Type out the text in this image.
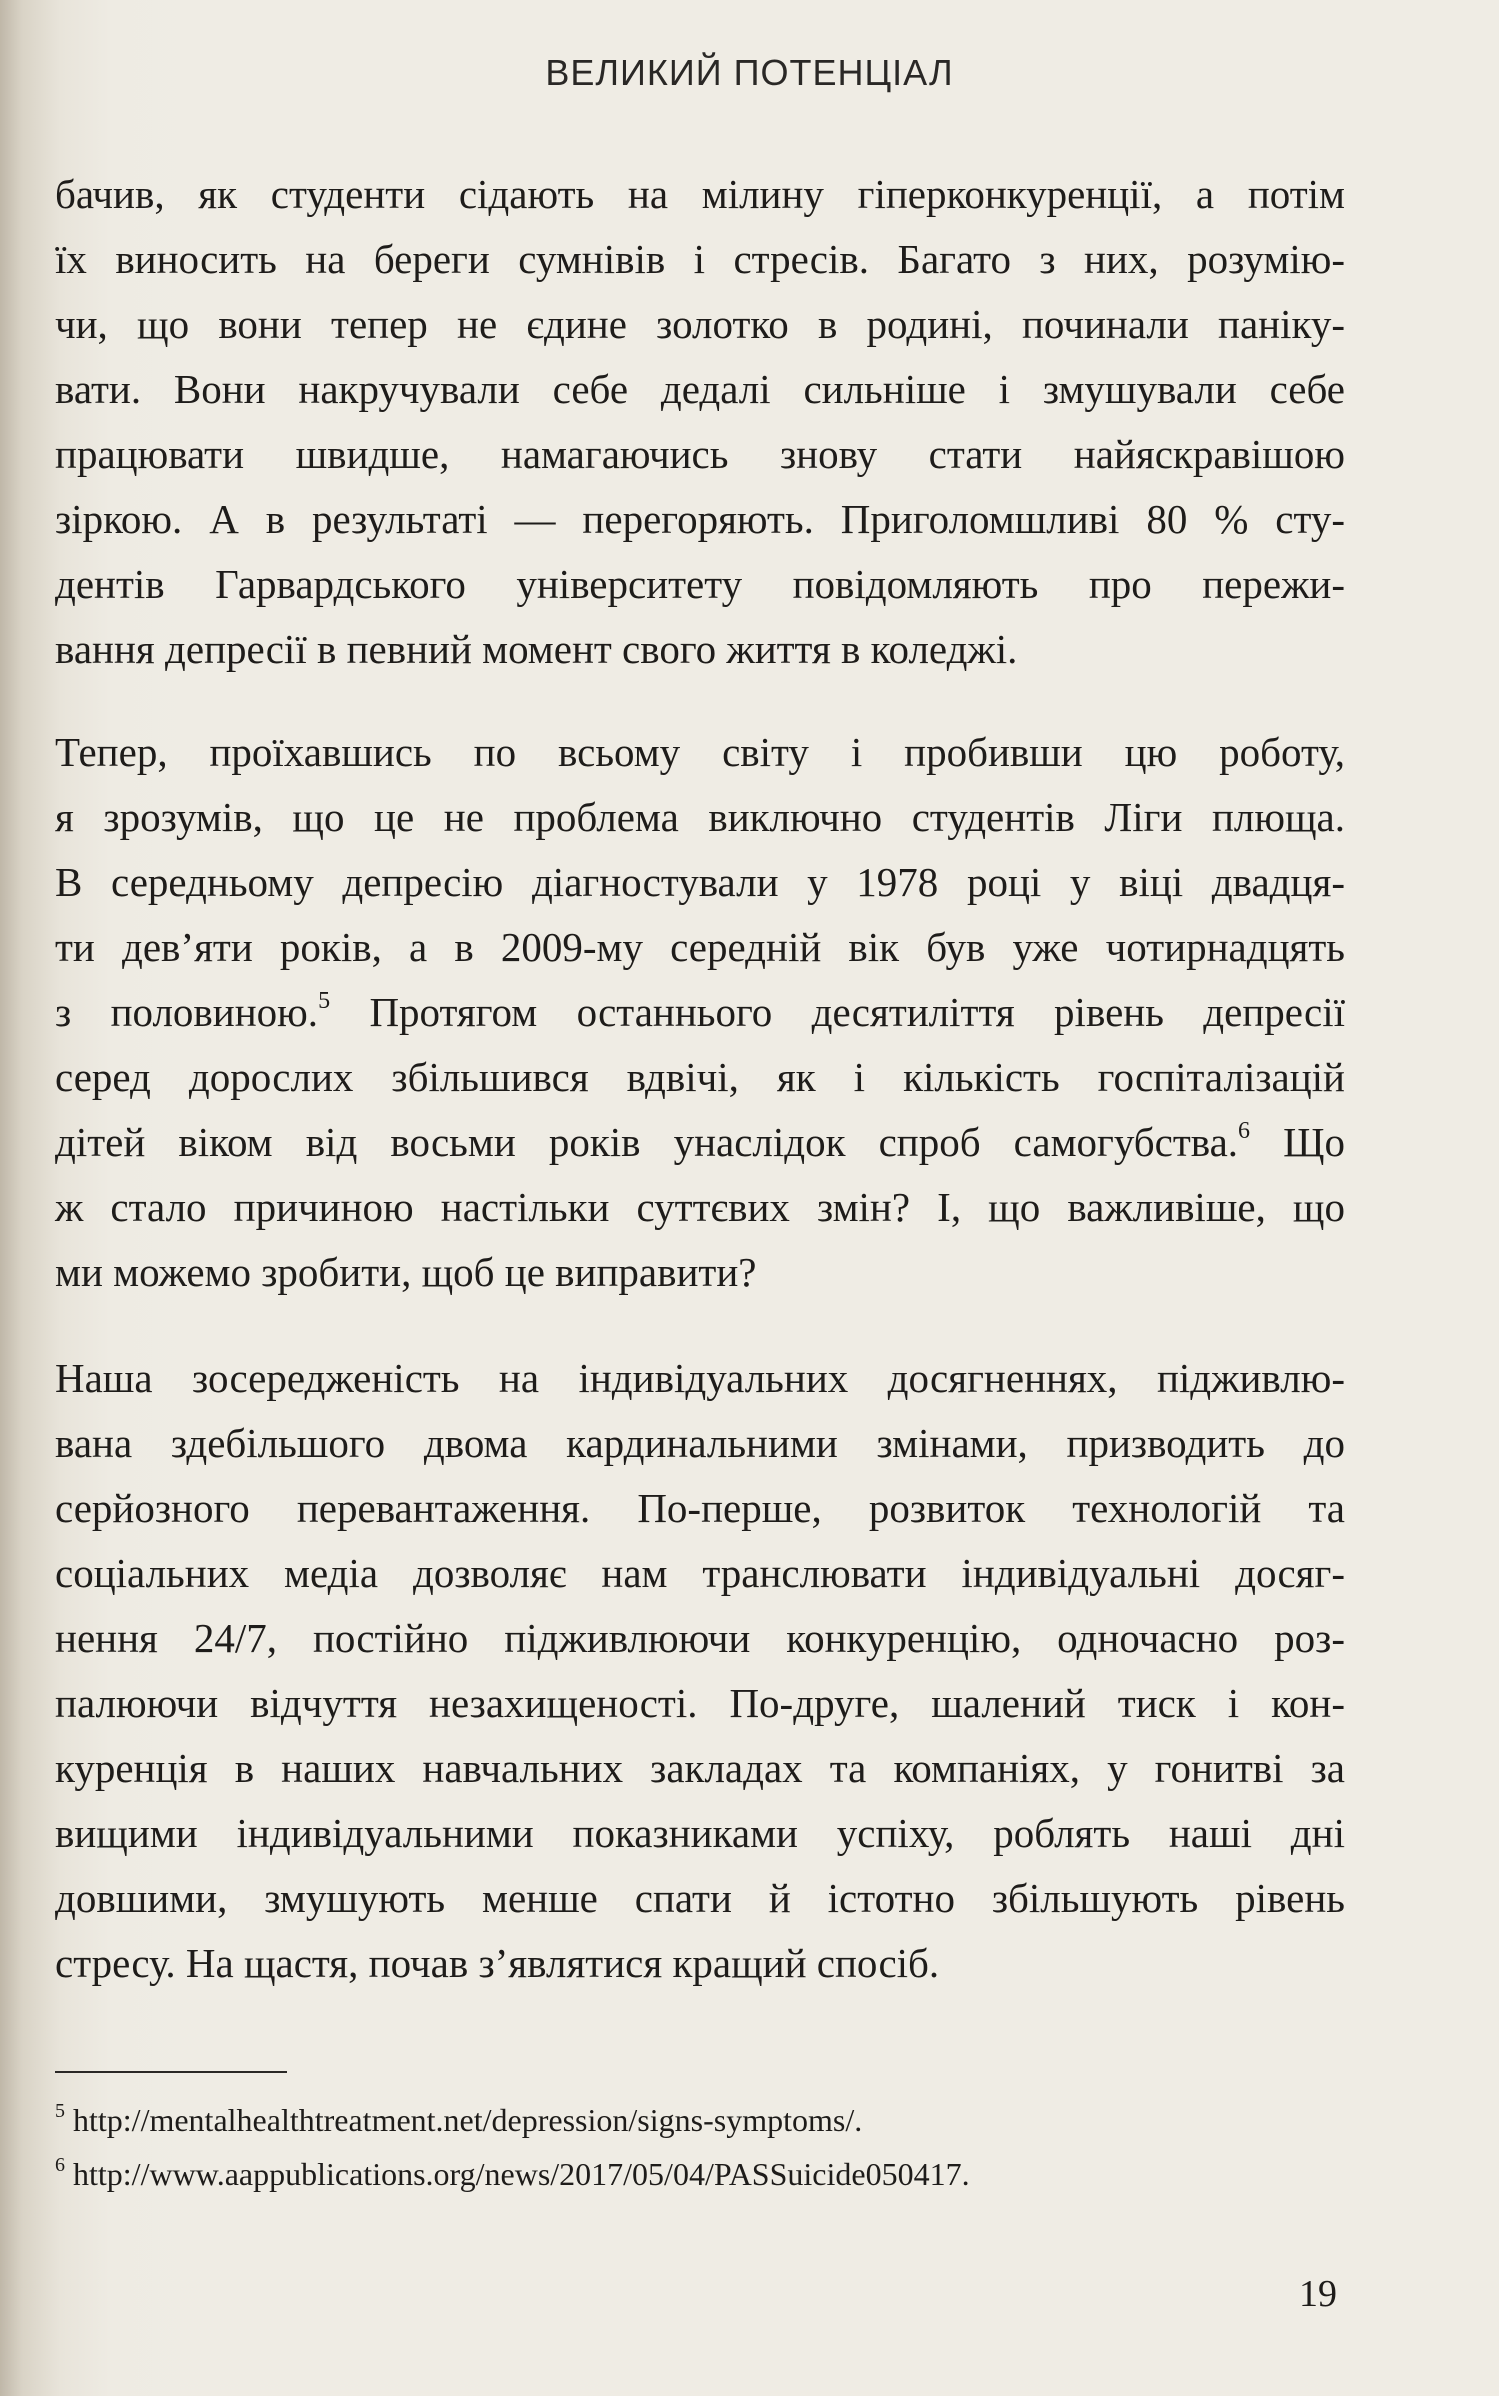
ВЕЛИКИЙ ПОТЕНЦІАЛ
бачив, як студенти сідають на мілину гіперконкуренції, а потім
їх виносить на береги сумнівів і стресів. Багато з них, розумію-
чи, що вони тепер не єдине золотко в родині, починали паніку-
вати. Вони накручували себе дедалі сильніше і змушували себе
працювати швидше, намагаючись знову стати найяскравішою
зіркою. А в результаті — перегоряють. Приголомшливі 80 % сту-
дентів Гарвардського університету повідомляють про пережи-
вання депресії в певний момент свого життя в коледжі.
Тепер, проїхавшись по всьому світу і пробивши цю роботу,
я зрозумів, що це не проблема виключно студентів Ліги плюща.
В середньому депресію діагностували у 1978 році у віці двадця-
ти дев’яти років, а в 2009-му середній вік був уже чотирнадцять
з половиною.$^5$ Протягом останнього десятиліття рівень депресії
серед дорослих збільшився вдвічі, як і кількість госпіталізацій
дітей віком від восьми років унаслідок спроб самогубства.$^6$ Що
ж стало причиною настільки суттєвих змін? І, що важливіше, що
ми можемо зробити, щоб це виправити?
Наша зосередженість на індивідуальних досягненнях, підживлю-
вана здебільшого двома кардинальними змінами, призводить до
серйозного перевантаження. По-перше, розвиток технологій та
соціальних медіа дозволяє нам транслювати індивідуальні досяг-
нення 24/7, постійно підживлюючи конкуренцію, одночасно роз-
палюючи відчуття незахищеності. По-друге, шалений тиск і кон-
куренція в наших навчальних закладах та компаніях, у гонитві за
вищими індивідуальними показниками успіху, роблять наші дні
довшими, змушують менше спати й істотно збільшують рівень
стресу. На щастя, почав з’являтися кращий спосіб.
$^5$ http://mentalhealthtreatment.net/depression/signs-symptoms/.
$^6$ http://www.aappublications.org/news/2017/05/04/PASSuicide050417.
19
